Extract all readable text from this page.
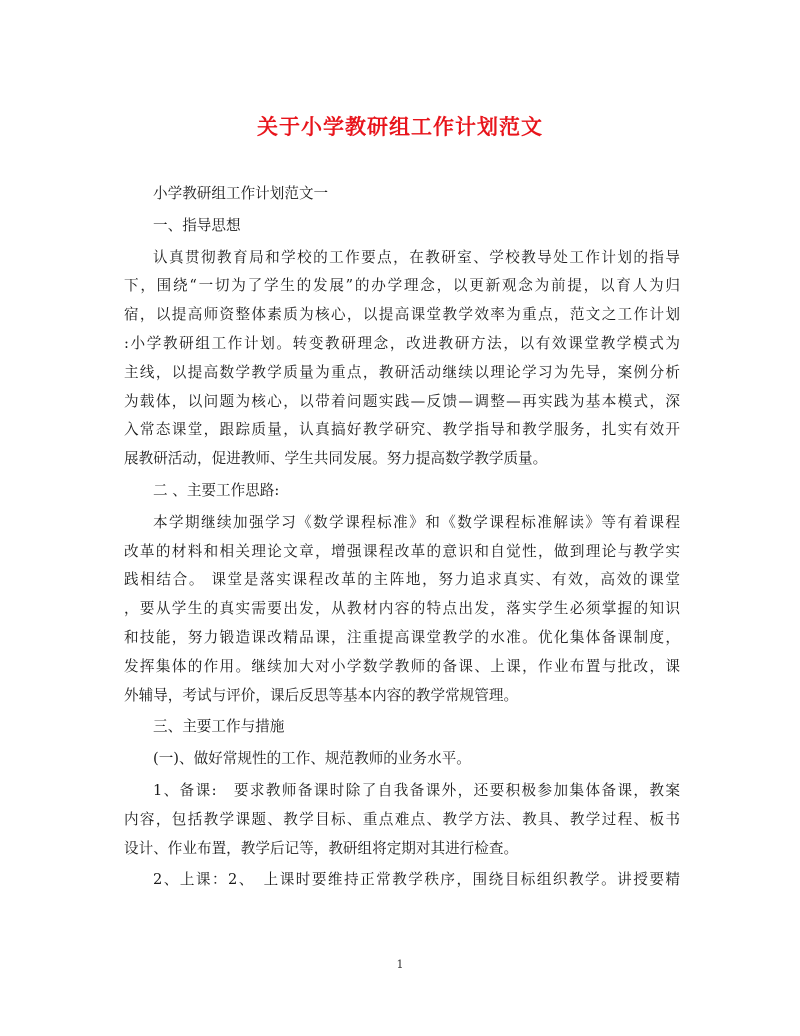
关于小学教研组工作计划范文
小学教研组工作计划范文一
一、指导思想
认真贯彻教育局和学校的工作要点，在教研室、学校教导处工作计划的指导
下，围绕“一切为了学生的发展”的办学理念，以更新观念为前提，以育人为归
宿，以提高师资整体素质为核心，以提高课堂教学效率为重点，范文之工作计划
:小学教研组工作计划。转变教研理念，改进教研方法，以有效课堂教学模式为
主线，以提高数学教学质量为重点，教研活动继续以理论学习为先导，案例分析
为载体，以问题为核心，以带着问题实践—反馈—调整—再实践为基本模式，深
入常态课堂，跟踪质量，认真搞好教学研究、教学指导和教学服务，扎实有效开
展教研活动，促进教师、学生共同发展。努力提高数学教学质量。
二 、主要工作思路:
本学期继续加强学习《数学课程标准》和《数学课程标准解读》等有着课程
改革的材料和相关理论文章，增强课程改革的意识和自觉性，做到理论与教学实
践相结合。 课堂是落实课程改革的主阵地，努力追求真实、有效，高效的课堂
，要从学生的真实需要出发，从教材内容的特点出发，落实学生必须掌握的知识
和技能，努力锻造课改精品课，注重提高课堂教学的水准。优化集体备课制度，
发挥集体的作用。继续加大对小学数学教师的备课、上课，作业布置与批改，课
外辅导，考试与评价，课后反思等基本内容的教学常规管理。
三、主要工作与措施
(一)、做好常规性的工作、规范教师的业务水平。
1、备课:　要求教师备课时除了自我备课外，还要积极参加集体备课，教案
内容，包括教学课题、教学目标、重点难点、教学方法、教具、教学过程、板书
设计、作业布置，教学后记等，教研组将定期对其进行检查。
2、上课：2、　上课时要维持正常教学秩序，围绕目标组织教学。讲授要精
1
